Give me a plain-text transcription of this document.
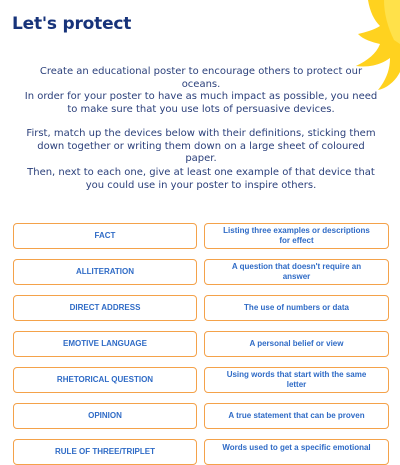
Let's protect

Create an educational poster to encourage others to protect our oceans.

In order for your poster to have as much impact as possible, you need to make sure that you use lots of persuasive devices.

First, match up the devices below with their definitions, sticking them down together or writing them down on a large sheet of coloured paper.

Then, next to each one, give at least one example of that device that you could use in your poster to inspire others.

FACT
ALLITERATION
DIRECT ADDRESS
EMOTIVE LANGUAGE
RHETORICAL QUESTION
OPINION
RULE OF THREE/TRIPLET
Listing three examples or descriptions for effect
A question that doesn't require an answer
The use of numbers or data
A personal belief or view
Using words that start with the same letter
A true statement that can be proven
Words used to get a specific emotional
